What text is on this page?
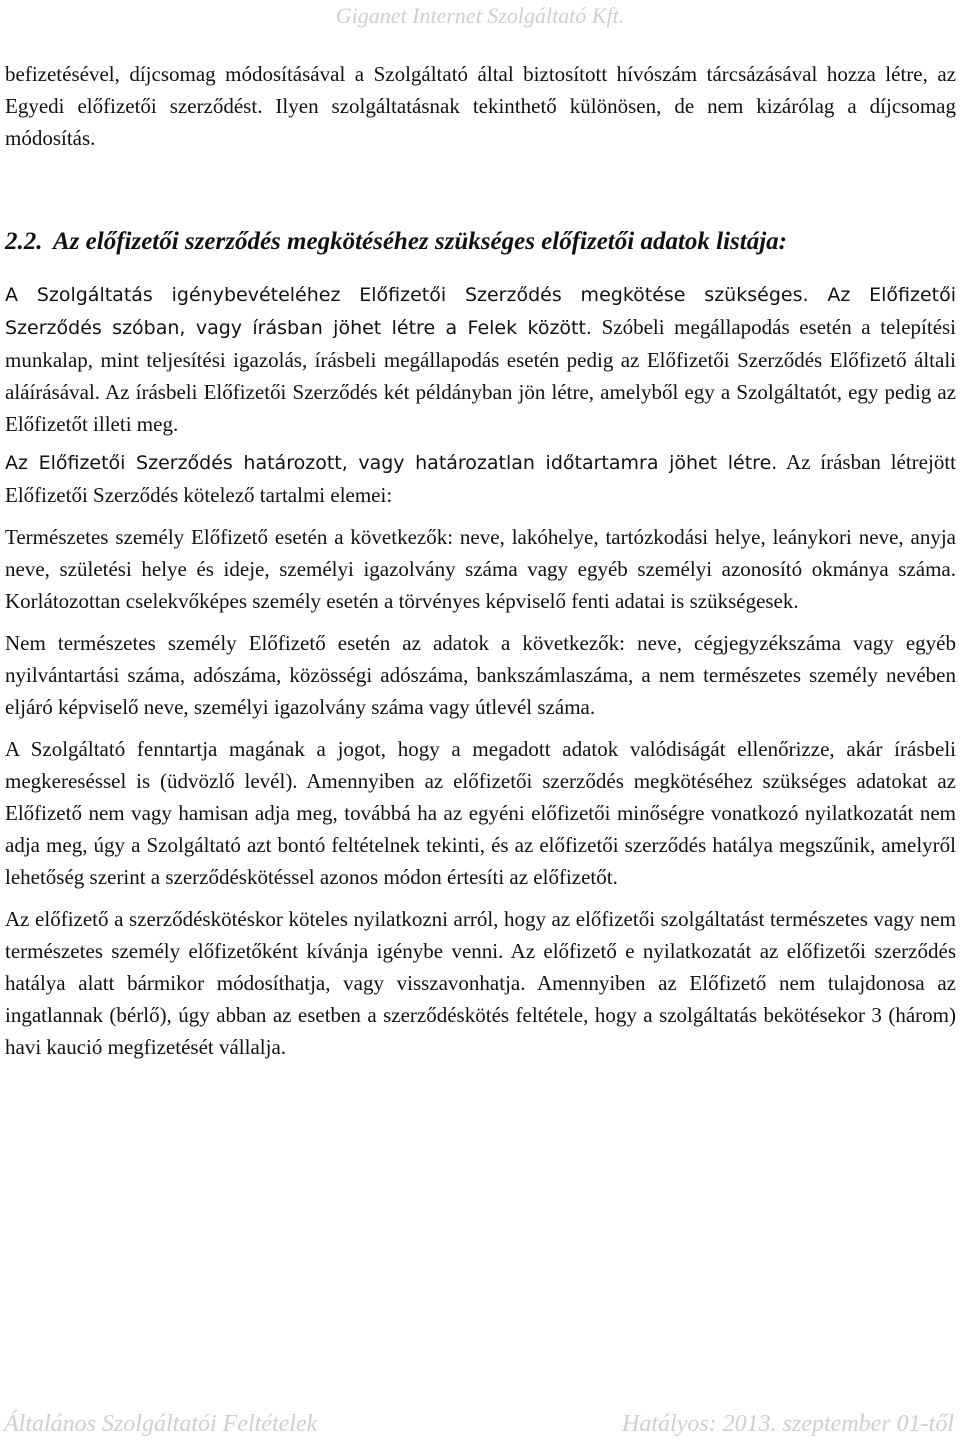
Giganet Internet Szolgáltató Kft.

befizetésével, díjcsomag módosításával a Szolgáltató által biztosított hívószám tárcsázásával hozza létre, az Egyedi előfizetői szerződést. Ilyen szolgáltatásnak tekinthető különösen, de nem kizárólag a díjcsomag módosítás.

2.2. Az előfizetői szerződés megkötéséhez szükséges előfizetői adatok listája:

A Szolgáltatás igénybevételéhez Előfizetői Szerződés megkötése szükséges. Az Előfizetői Szerződés szóban, vagy írásban jöhet létre a Felek között. Szóbeli megállapodás esetén a telepítési munkalap, mint teljesítési igazolás, írásbeli megállapodás esetén pedig az Előfizetői Szerződés Előfizető általi aláírásával. Az írásbeli Előfizetői Szerződés két példányban jön létre, amelyből egy a Szolgáltatót, egy pedig az Előfizetőt illeti meg.

Az Előfizetői Szerződés határozott, vagy határozatlan időtartamra jöhet létre. Az írásban létrejött Előfizetői Szerződés kötelező tartalmi elemei:

Természetes személy Előfizető esetén a következők: neve, lakóhelye, tartózkodási helye, leánykori neve, anyja neve, születési helye és ideje, személyi igazolvány száma vagy egyéb személyi azonosító okmánya száma. Korlátozottan cselekvőképes személy esetén a törvényes képviselő fenti adatai is szükségesek.

Nem természetes személy Előfizető esetén az adatok a következők: neve, cégjegyzékszáma vagy egyéb nyilvántartási száma, adószáma, közösségi adószáma, bankszámlaszáma, a nem természetes személy nevében eljáró képviselő neve, személyi igazolvány száma vagy útlevél száma.

A Szolgáltató fenntartja magának a jogot, hogy a megadott adatok valódiságát ellenőrizze, akár írásbeli megkereséssel is (üdvözlő levél). Amennyiben az előfizetői szerződés megkötéséhez szükséges adatokat az Előfizető nem vagy hamisan adja meg, továbbá ha az egyéni előfizetői minőségre vonatkozó nyilatkozatát nem adja meg, úgy a Szolgáltató azt bontó feltételnek tekinti, és az előfizetői szerződés hatálya megszűnik, amelyről lehetőség szerint a szerződéskötéssel azonos módon értesíti az előfizetőt.

Az előfizető a szerződéskötéskor köteles nyilatkozni arról, hogy az előfizetői szolgáltatást természetes vagy nem természetes személy előfizetőként kívánja igénybe venni. Az előfizető e nyilatkozatát az előfizetői szerződés hatálya alatt bármikor módosíthatja, vagy visszavonhatja. Amennyiben az Előfizető nem tulajdonosa az ingatlannak (bérlő), úgy abban az esetben a szerződéskötés feltétele, hogy a szolgáltatás bekötésekor 3 (három) havi kaució megfizetését vállalja.

Általános Szolgáltatói Feltételek	Hatályos: 2013. szeptember 01-től
